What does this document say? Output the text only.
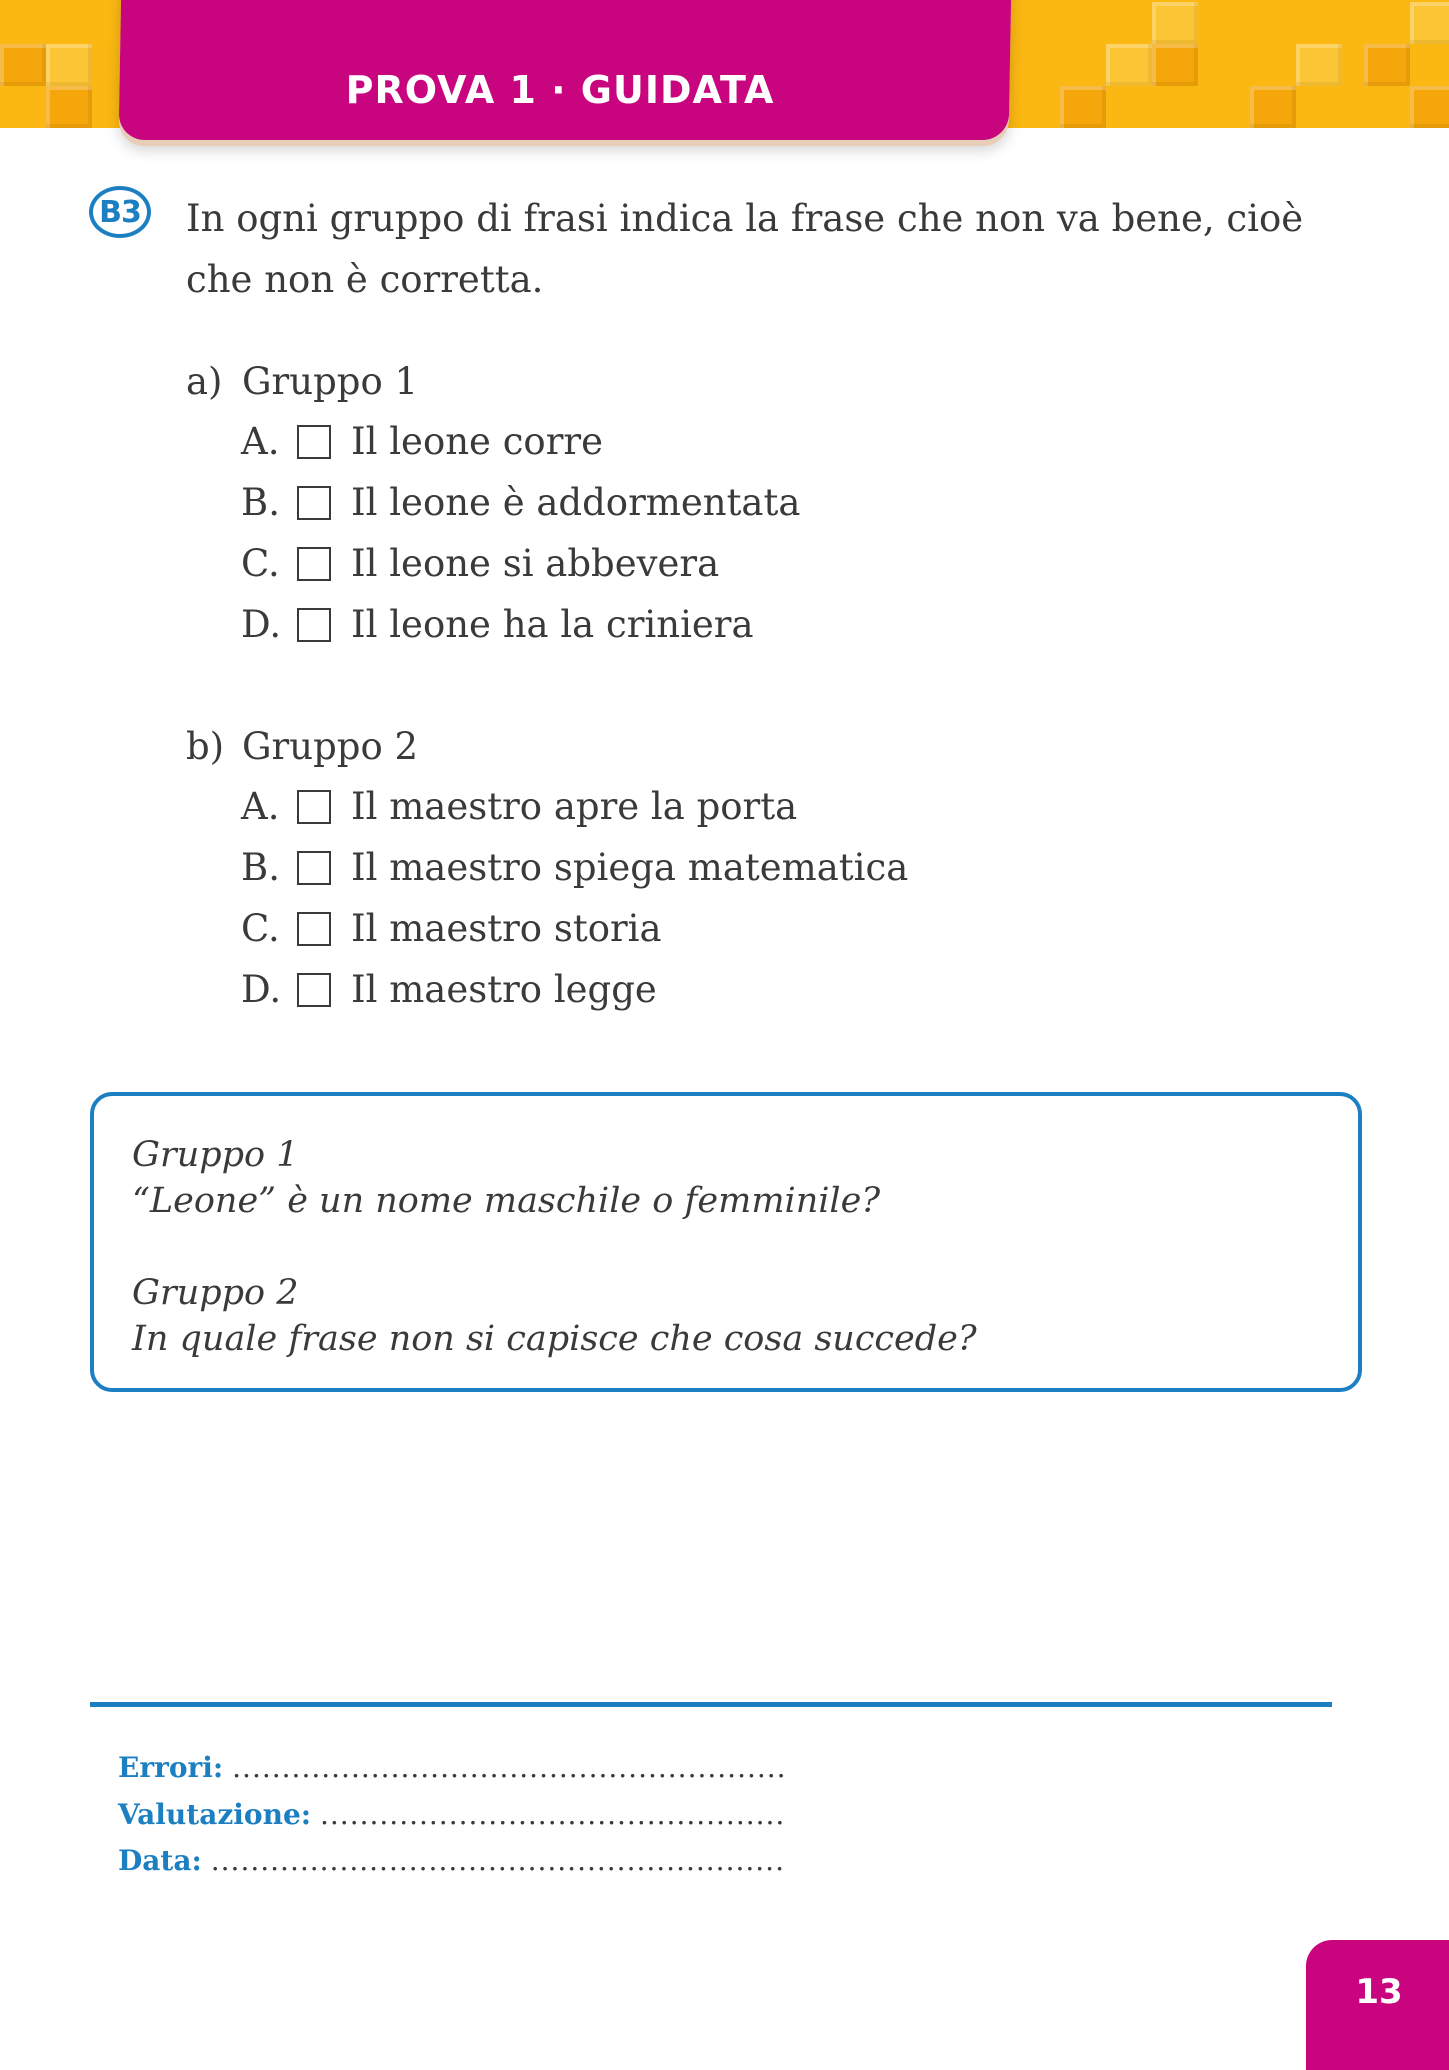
PROVA 1 · GUIDATA
B3 In ogni gruppo di frasi indica la frase che non va bene, cioè che non è corretta.

a) Gruppo 1
A.	Il leone corre
B.	Il leone è addormentata
C.	Il leone si abbevera
D.	Il leone ha la criniera
b) Gruppo 2
A.	Il maestro apre la porta
B.	Il maestro spiega matematica
C.	Il maestro storia
D.	Il maestro legge

Gruppo 1

“Leone” è un nome maschile o femminile?

Gruppo 2

In quale frase non si capisce che cosa succede?

Errori: ........................................................
Valutazione: ...............................................
Data: ..........................................................
13
